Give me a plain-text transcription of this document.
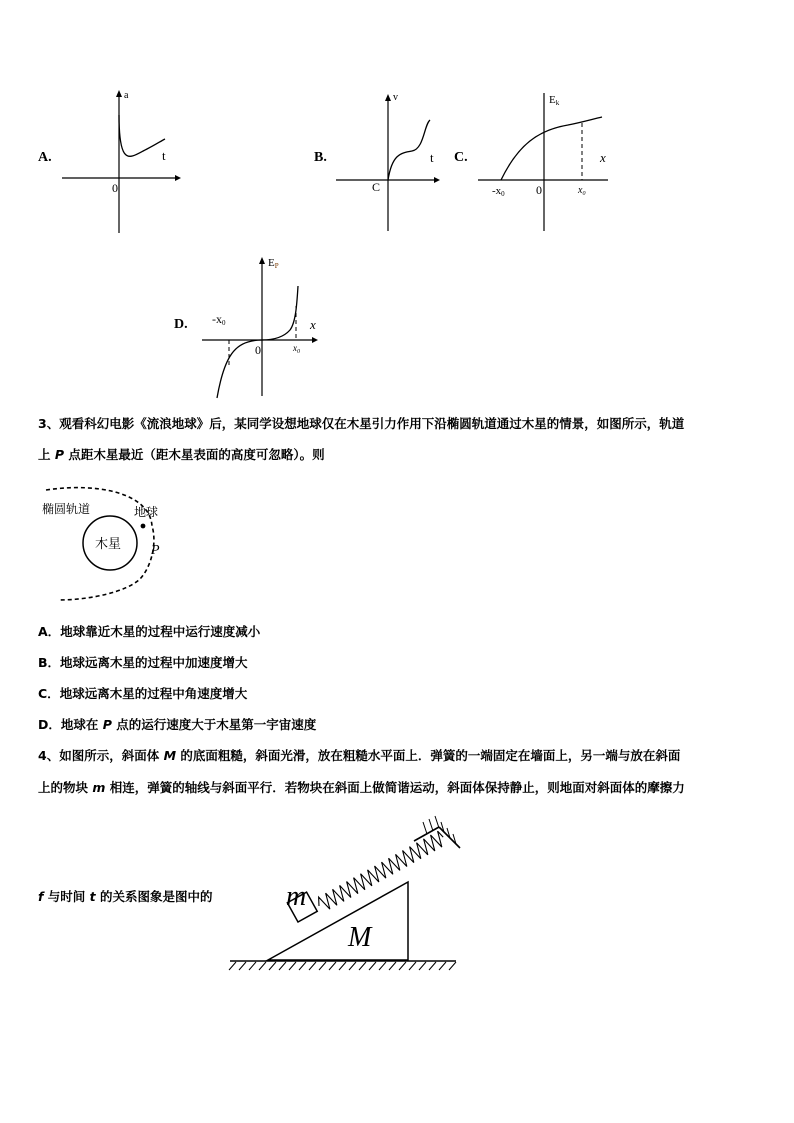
A.
a
t
0
B.
v
t
C
C.
Ek
x
-x0	0	$x_0$
D.
EP
x
-x0
0	$x_0$
3、观看科幻电影《流浪地球》后，某同学设想地球仅在木星引力作用下沿椭圆轨道通过木星的情景，如图所示，轨道
上 P 点距木星最近（距木星表面的高度可忽略）。则
椭圆轨道	地球
木星 P
A．地球靠近木星的过程中运行速度减小
B．地球远离木星的过程中加速度增大
C．地球远离木星的过程中角速度增大
D．地球在 P 点的运行速度大于木星第一宇宙速度
4、如图所示，斜面体 M 的底面粗糙，斜面光滑，放在粗糙水平面上．弹簧的一端固定在墙面上，另一端与放在斜面
上的物块 m 相连，弹簧的轴线与斜面平行．若物块在斜面上做简谐运动，斜面体保持静止，则地面对斜面体的摩擦力
f 与时间 t 的关系图象是图中的	m
M
